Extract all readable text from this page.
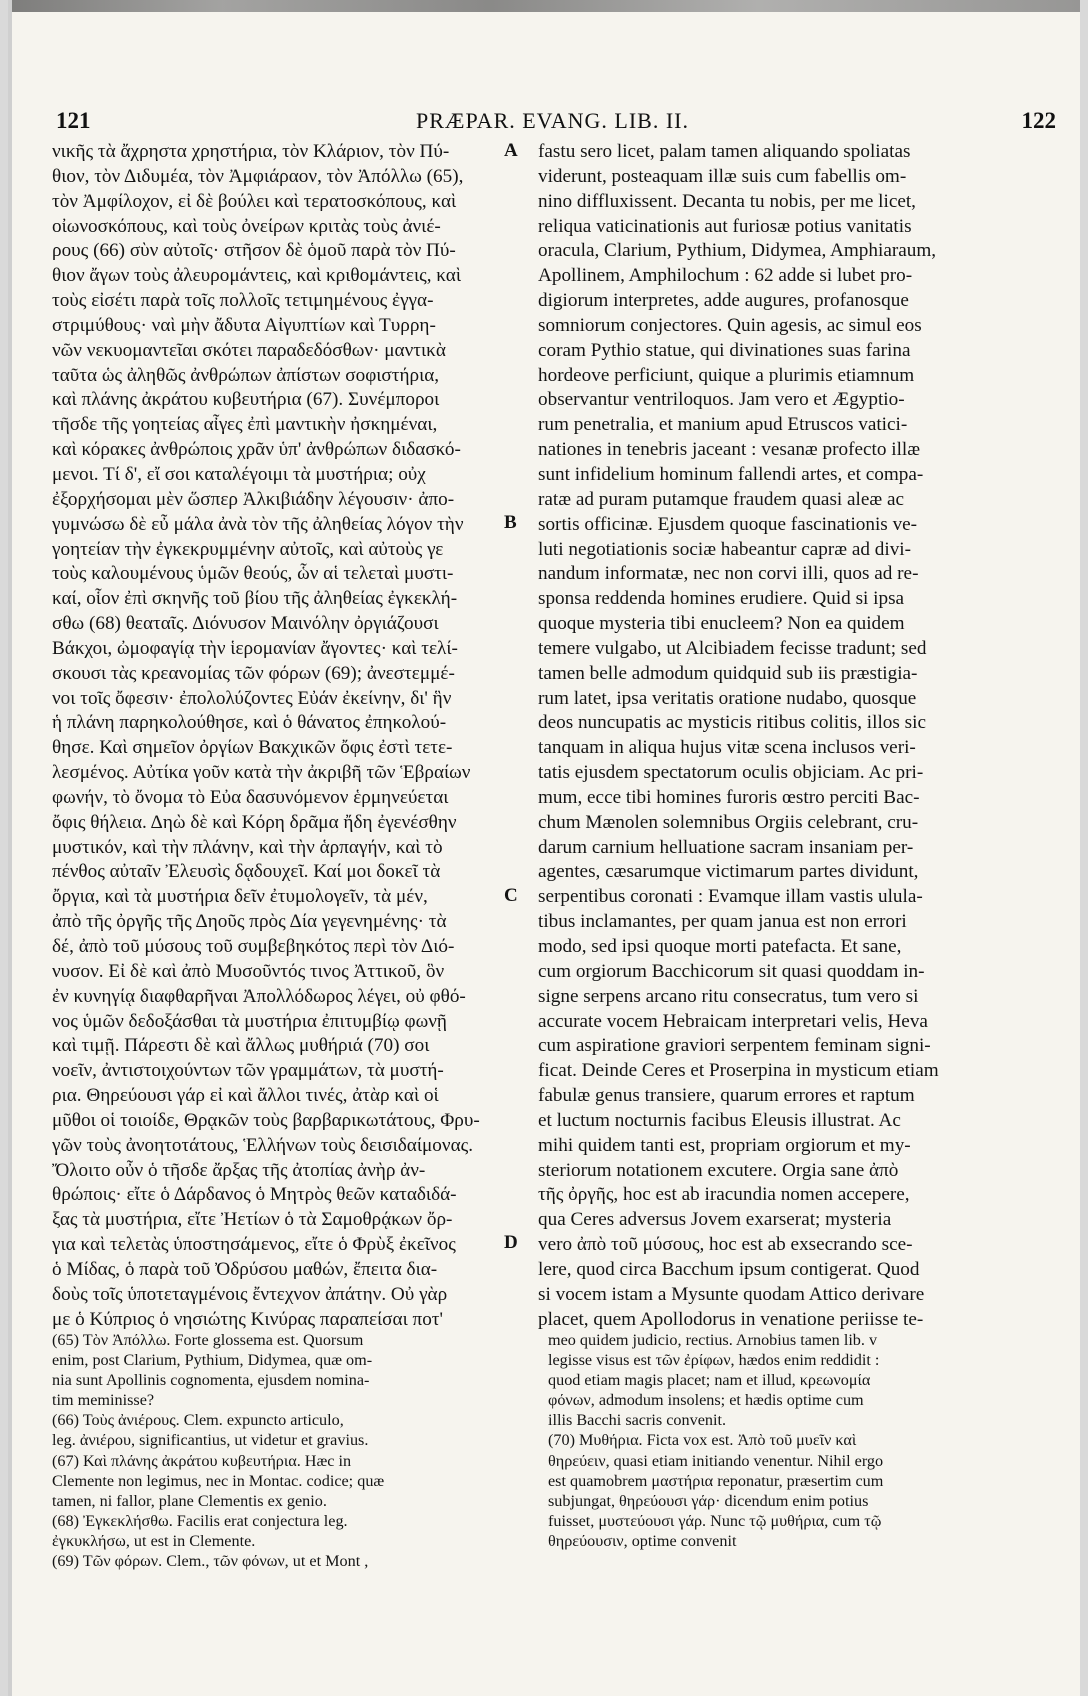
121	PRÆPAR. EVANG. LIB. II.	122
νικῆς τὰ ἄχρηστα χρηστήρια, τὸν Κλάριον, τὸν Πύ-
θιον, τὸν Διδυμέα, τὸν Ἀμφιάραον, τὸν Ἀπόλλω (65),
τὸν Ἀμφίλοχον, εἰ δὲ βούλει καὶ τερατοσκόπους, καὶ
οἰωνοσκόπους, καὶ τοὺς ὀνείρων κριτὰς τοὺς ἀνιέ-
ρους (66) σὺν αὐτοῖς· στῆσον δὲ ὁμοῦ παρὰ τὸν Πύ-
θιον ἄγων τοὺς ἀλευρομάντεις, καὶ κριθομάντεις, καὶ
τοὺς εἰσέτι παρὰ τοῖς πολλοῖς τετιμημένους ἐγγα-
στριμύθους· ναὶ μὴν ἄδυτα Αἰγυπτίων καὶ Τυρρη-
νῶν νεκυομαντεῖαι σκότει παραδεδόσθων· μαντικὰ
ταῦτα ὡς ἀληθῶς ἀνθρώπων ἀπίστων σοφιστήρια,
καὶ πλάνης ἀκράτου κυβευτήρια (67). Συνέμποροι
τῆσδε τῆς γοητείας αἶγες ἐπὶ μαντικὴν ἠσκημέναι,
καὶ κόρακες ἀνθρώποις χρᾶν ὑπ' ἀνθρώπων διδασκό-
μενοι. Τί δ', εἴ σοι καταλέγοιμι τὰ μυστήρια; οὐχ
ἐξορχήσομαι μὲν ὥσπερ Ἀλκιβιάδην λέγουσιν· ἀπο-
γυμνώσω δὲ εὖ μάλα ἀνὰ τὸν τῆς ἀληθείας λόγον τὴν
γοητείαν τὴν ἐγκεκρυμμένην αὐτοῖς, καὶ αὐτοὺς γε
τοὺς καλουμένους ὑμῶν θεούς, ὧν αἱ τελεταὶ μυστι-
καί, οἷον ἐπὶ σκηνῆς τοῦ βίου τῆς ἀληθείας ἐγκεκλή-
σθω (68) θεαταῖς. Διόνυσον Μαινόλην ὀργιάζουσι
Βάκχοι, ὠμοφαγίᾳ τὴν ἱερομανίαν ἄγοντες· καὶ τελί-
σκουσι τὰς κρεανομίας τῶν φόρων (69); ἀνεστεμμέ-
νοι τοῖς ὄφεσιν· ἐπολολύζοντες Εὐάν ἐκείνην, δι' ἣν
ἡ πλάνη παρηκολούθησε, καὶ ὁ θάνατος ἐπηκολού-
θησε. Καὶ σημεῖον ὀργίων Βακχικῶν ὄφις ἐστὶ τετε-
λεσμένος. Αὐτίκα γοῦν κατὰ τὴν ἀκριβῆ τῶν Ἑβραίων
φωνήν, τὸ ὄνομα τὸ Εὐα δασυνόμενον ἑρμηνεύεται
ὄφις θήλεια. Δηὼ δὲ καὶ Κόρη δρᾶμα ἤδη ἐγενέσθην
μυστικόν, καὶ τὴν πλάνην, καὶ τὴν ἁρπαγήν, καὶ τὸ
πένθος αὐταῖν Ἐλευσὶς δᾳδουχεῖ. Καί μοι δοκεῖ τὰ
ὄργια, καὶ τὰ μυστήρια δεῖν ἐτυμολογεῖν, τὰ μέν,
ἀπὸ τῆς ὀργῆς τῆς Δηοῦς πρὸς Δία γεγενημένης· τὰ
δέ, ἀπὸ τοῦ μύσους τοῦ συμβεβηκότος περὶ τὸν Διό-
νυσον. Εἰ δὲ καὶ ἀπὸ Μυσοῦντός τινος Ἀττικοῦ, ὃν
ἐν κυνηγίᾳ διαφθαρῆναι Ἀπολλόδωρος λέγει, οὐ φθό-
νος ὑμῶν δεδοξάσθαι τὰ μυστήρια ἐπιτυμβίῳ φωνῇ
καὶ τιμῇ. Πάρεστι δὲ καὶ ἄλλως μυθήριά (70) σοι
νοεῖν, ἀντιστοιχούντων τῶν γραμμάτων, τὰ μυστή-
ρια. Θηρεύουσι γάρ εἰ καὶ ἄλλοι τινές, ἀτὰρ καὶ οἱ
μῦθοι οἱ τοιοίδε, Θρᾳκῶν τοὺς βαρβαρικωτάτους, Φρυ-
γῶν τοὺς ἀνοητοτάτους, Ἑλλήνων τοὺς δεισιδαίμονας.
Ὄλοιτο οὖν ὁ τῆσδε ἄρξας τῆς ἀτοπίας ἀνὴρ ἀν-
θρώποις· εἴτε ὁ Δάρδανος ὁ Μητρὸς θεῶν καταδιδά-
ξας τὰ μυστήρια, εἴτε Ἠετίων ὁ τὰ Σαμοθρᾴκων ὄρ-
για καὶ τελετὰς ὑποστησάμενος, εἴτε ὁ Φρὺξ ἐκεῖνος
ὁ Μίδας, ὁ παρὰ τοῦ Ὀδρύσου μαθών, ἔπειτα δια-
δοὺς τοῖς ὑποτεταγμένοις ἔντεχνον ἀπάτην. Οὐ γὰρ
με ὁ Κύπριος ὁ νησιώτης Κινύρας παραπείσαι ποτ'
fastu sero licet, palam tamen aliquando spoliatas
viderunt, posteaquam illæ suis cum fabellis om-
nino diffluxissent. Decanta tu nobis, per me licet,
reliqua vaticinationis aut furiosæ potius vanitatis
oracula, Clarium, Pythium, Didymea, Amphiaraum,
Apollinem, Amphilochum : 62 adde si lubet pro-
digiorum interpretes, adde augures, profanosque
somniorum conjectores. Quin agesis, ac simul eos
coram Pythio statue, qui divinationes suas farina
hordeove perficiunt, quique a plurimis etiamnum
observantur ventriloquos. Jam vero et Ægyptio-
rum penetralia, et manium apud Etruscos vatici-
nationes in tenebris jaceant : vesanæ profecto illæ
sunt infidelium hominum fallendi artes, et compa-
ratæ ad puram putamque fraudem quasi aleæ ac
sortis officinæ. Ejusdem quoque fascinationis ve-
luti negotiationis sociæ habeantur capræ ad divi-
nandum informatæ, nec non corvi illi, quos ad re-
sponsa reddenda homines erudiere. Quid si ipsa
quoque mysteria tibi enucleem? Non ea quidem
temere vulgabo, ut Alcibiadem fecisse tradunt; sed
tamen belle admodum quidquid sub iis præstigia-
rum latet, ipsa veritatis oratione nudabo, quosque
deos nuncupatis ac mysticis ritibus colitis, illos sic
tanquam in aliqua hujus vitæ scena inclusos veri-
tatis ejusdem spectatorum oculis objiciam. Ac pri-
mum, ecce tibi homines furoris œstro perciti Bac-
chum Mænolen solemnibus Orgiis celebrant, cru-
darum carnium helluatione sacram insaniam per-
agentes, cæsarumque victimarum partes dividunt,
serpentibus coronati : Evamque illam vastis ulula-
tibus inclamantes, per quam janua est non errori
modo, sed ipsi quoque morti patefacta. Et sane,
cum orgiorum Bacchicorum sit quasi quoddam in-
signe serpens arcano ritu consecratus, tum vero si
accurate vocem Hebraicam interpretari velis, Heva
cum aspiratione graviori serpentem feminam signi-
ficat. Deinde Ceres et Proserpina in mysticum etiam
fabulæ genus transiere, quarum errores et raptum
et luctum nocturnis facibus Eleusis illustrat. Ac
mihi quidem tanti est, propriam orgiorum et my-
steriorum notationem excutere. Orgia sane ἀπὸ
τῆς ὀργῆς, hoc est ab iracundia nomen accepere,
qua Ceres adversus Jovem exarserat; mysteria
vero ἀπὸ τοῦ μύσους, hoc est ab exsecrando sce-
lere, quod circa Bacchum ipsum contigerat. Quod
si vocem istam a Mysunte quodam Attico derivare
placet, quem Apollodorus in venatione periisse te-
A
B
C
D
(65) Τὸν Ἀπόλλω. Forte glossema est. Quorsum
enim, post Clarium, Pythium, Didymea, quæ om-
nia sunt Apollinis cognomenta, ejusdem nomina-
tim meminisse?
(66) Τοὺς ἀνιέρους. Clem. expuncto articulo,
leg. ἀνιέρου, significantius, ut videtur et gravius.
(67) Καὶ πλάνης ἀκράτου κυβευτήρια. Hæc in
Clemente non legimus, nec in Montac. codice; quæ
tamen, ni fallor, plane Clementis ex genio.
(68) Ἐγκεκλήσθω. Facilis erat conjectura leg.
ἐγκυκλήσω, ut est in Clemente.
(69) Τῶν φόρων. Clem., τῶν φόνων, ut et Mont ,
meo quidem judicio, rectius. Arnobius tamen lib. v
legisse visus est τῶν ἐρίφων, hædos enim reddidit :
quod etiam magis placet; nam et illud, κρεωνομία
φόνων, admodum insolens; et hædis optime cum
illis Bacchi sacris convenit.
(70) Μυθήρια. Ficta vox est. Ἀπὸ τοῦ μυεῖν καὶ
θηρεύειν, quasi etiam initiando venentur. Nihil ergo
est quamobrem μαστήρια reponatur, præsertim cum
subjungat, θηρεύουσι γάρ· dicendum enim potius
fuisset, μυστεύουσι γάρ. Nunc τῷ μυθήρια, cum τῷ
θηρεύουσιν, optime convenit
